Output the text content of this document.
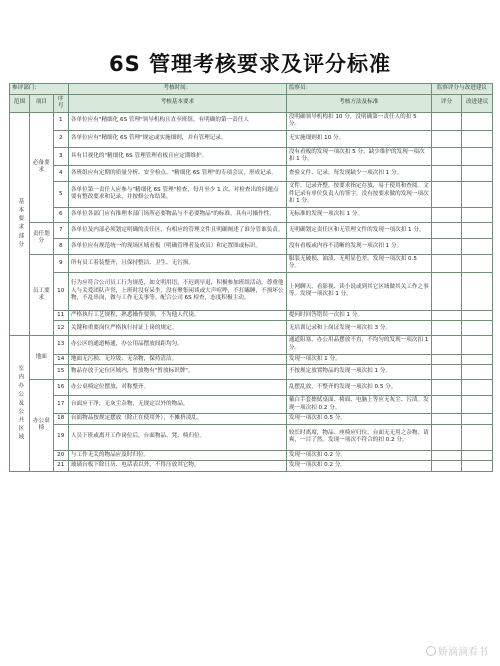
6S 管理考核要求及评分标准
参评部门：			考核时间：	监察员：	监察评分与改进建议	
范围	项目	序号	考核基本要求	考核方法及标准	评分	改进建议
基本要求部分	必备要求	1	各单位应有"精细化 6S 管理"领导机构且直至班组，有明确的第一责任人	没明确领导机构扣 10 分，没明确第一责任人的扣 5 分。		
		2	各单位应有"精细化 6S 管理"规定或实施细则，并有管理记录。	无实施细则扣 10 分。		
		3	具有目视化的"精细化 6S 管理管理看板且应定期维护。	没有看板的发现一项次扣 5 分。缺少维护的发现一项次扣 1 分。		
		4	各班组应有定期的质量分析、安全检点、"精细化 6S 管理"的专项会议，形成记录。	查验文件、记录，每发现缺少一项次扣 1 分。		
		5	各单位第一责任人应参与"精细化 6S 管理"检查，每月至少 1 次，对检查出的问题点要有整改要求和记录，并按修公布结果。	文件、记录齐整，按要求指定存放，易于使用和查阅。文件记录有单位负责人的签字。没有按要求做的发现一项次扣 1 分。		
		6	各单位各部门应有推理本部门场所必要物品与不必要物品"的标准，具有可操作性。	无标准的发现一项次扣 1 分。		
	责任划分	7	各单位及内部必须划定明确的责任区，有相应的管理文件且明确阐述了谁分管谁负责。	无明确划定责任区和无管理文件的发现一项次扣 1 分。		
		8	各单位应有规范统一的现场区域看板（明确管理者及成员）和定置图或标识。	没有看板或内容不清晰的发现一项次扣 1 分。		
	员工要求	9	所有员工着装整齐，且保持整洁、卫生、无污损。	服装无破损、油渍、无明显色差。发现一项次扣 0.5 分。		
		10	行为应符合公司员工行为规范，如文明用语，不迟到早退，积极参加班组活动，尊重他人与关爱团队声誉，上班时没有呆坐，没有聚集闲谈或大声喧哗，不打瞌睡，不损坏公物，不乱串岗，做与工作无关事等。配合公司 6S 检查，态度积极主动。	上网聊天、看影视、读小说或到其它区域做其关工作之事等。发现一项次扣 1 分。		
		11	严格执行工艺规程，熟悉操作要领，不为他人代岗。	提问时回答错误一次扣 1 分。		
		12	关键和重要岗位严格执行持证上岗的规定。	无培训记录和上岗证发现一项次扣 3 分。		
室内办公及公共区域	地面	13	办公区的通道畅通，办公用品摆放间距均匀。	通道阻塞，办公用品摆放不直，不均匀的发现一项次扣 1 分。		
		14	地面无污损、无垃圾、无杂物，保持清洁。	发现一项次扣 1 分。		
		15	物品存放于定位区域内，暂放物有"暂放标识牌"。	不按规定放置物品的发现一项次扣 1 分。		
	办公桌椅	16	办公桌椅定位摆放，对称整齐。	乱摆乱放，不整齐的发现一项次扣 0.5 分。		
		17	台面应干净，无灰尘杂物，无规定以外的物品。	戴白手套擦拭桌面、椅面、电脑上等应无灰尘、污渍。发现一项次扣 0.2 分。		
		18	台面物品按规定摆放（除正在使用外），不摊挤凌乱。	发现一项次扣 0.5 分。		
		19	人员下班或离开工作岗位后，台面物品、凳、椅归位。	较长时离席，物品、座椅应归位，台面无无用之杂物、请爽，一目了然。发现一项次不符合的扣 0.2 分。		
		20	与工作无关的物品应及时归位。	发现一项次扣 0.2 分。		
		21	玻璃台板下除日历、电话表以外，不得压放其它物。	发现一项次扣 0.2 分。		
娇滴滴看书
